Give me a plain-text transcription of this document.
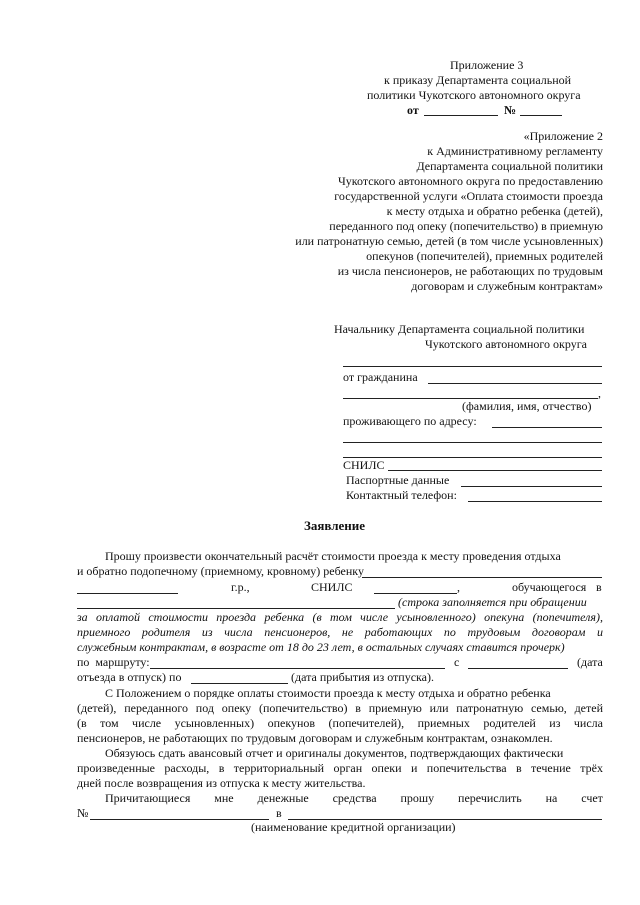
Приложение 3
к приказу Департамента социальной
политики Чукотского автономного округа
от	№
«Приложение 2
к Административному регламенту
Департамента социальной политики
Чукотского автономного округа по предоставлению
государственной услуги «Оплата стоимости проезда
к месту отдыха и обратно ребенка (детей),
переданного под опеку (попечительство) в приемную
или патронатную семью, детей (в том числе усыновленных)
опекунов (попечителей), приемных родителей
из числа пенсионеров, не работающих по трудовым
договорам и служебным контрактам»
Начальнику Департамента социальной политики
Чукотского автономного округа
от гражданина
,
(фамилия, имя, отчество)
проживающего по адресу:
СНИЛС
Паспортные данные
Контактный телефон:
Заявление
Прошу произвести окончательный расчёт стоимости проезда к месту проведения отдыха
и обратно подопечному (приемному, кровному) ребенку
г.р.,	СНИЛС	,	обучающегося в
(строка заполняется при обращении
за оплатой стоимости проезда ребенка (в том числе усыновленного) опекуна (попечителя),
приемного родителя из числа пенсионеров, не работающих по трудовым договорам и
служебным контрактам, в возрасте от 18 до 23 лет, в остальных случаях ставится прочерк)
по  маршруту:	с	(дата
отъезда в отпуск) по	(дата прибытия из отпуска).
С Положением о порядке оплаты стоимости проезда к месту отдыха и обратно ребенка
(детей), переданного под опеку (попечительство) в приемную или патронатную семью, детей
(в том числе усыновленных) опекунов (попечителей), приемных родителей из числа
пенсионеров, не работающих по трудовым договорам и служебным контрактам, ознакомлен.
Обязуюсь сдать авансовый отчет и оригиналы документов, подтверждающих фактически
произведенные расходы, в территориальный орган опеки и попечительства в течение трёх
дней после возвращения из отпуска к месту жительства.
Причитающиеся мне денежные средства прошу перечислить на счет
№	в
(наименование кредитной организации)
